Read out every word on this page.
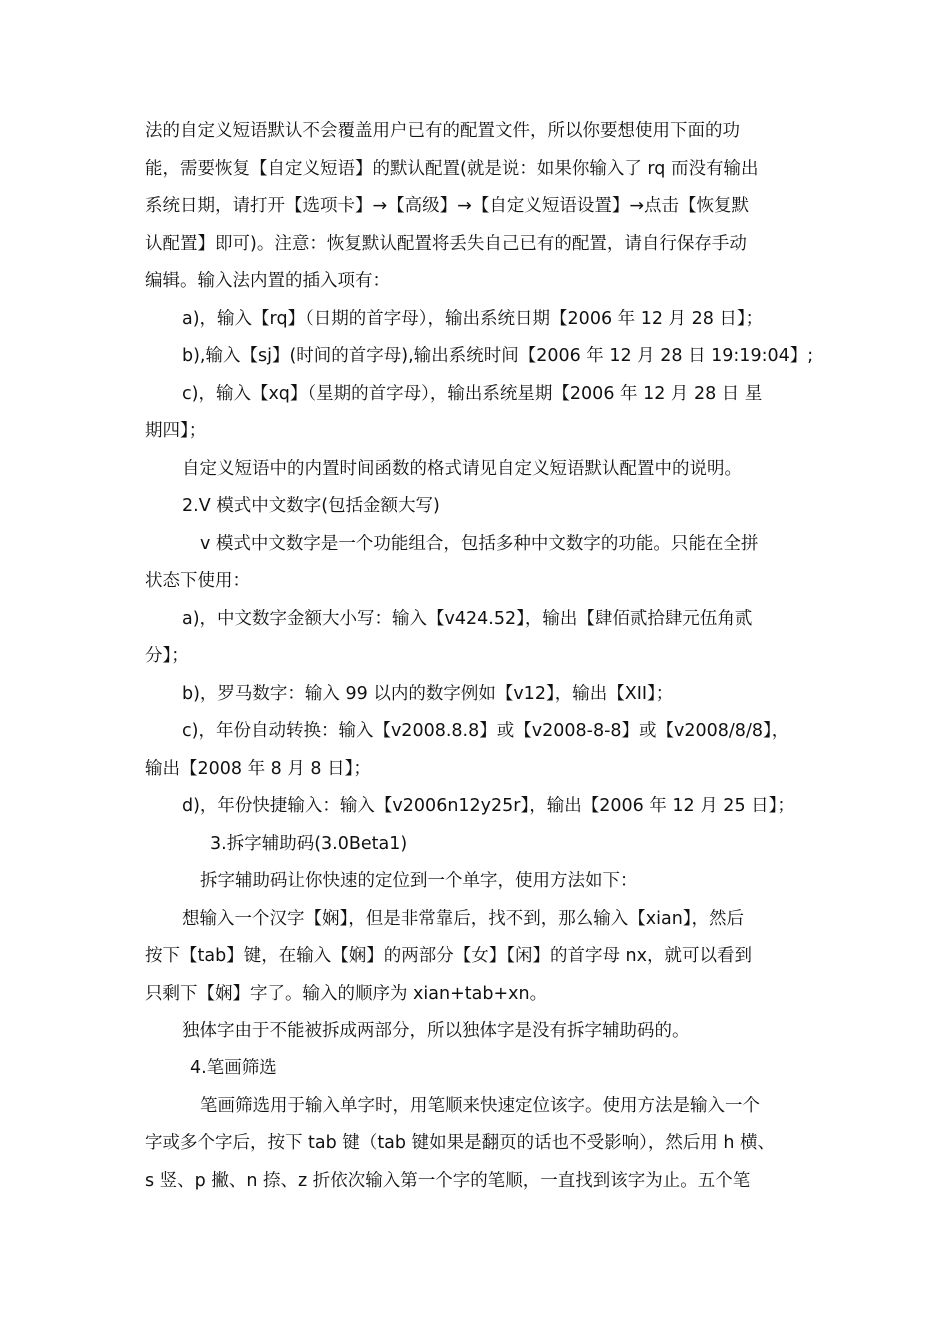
法的自定义短语默认不会覆盖用户已有的配置文件，所以你要想使用下面的功
能，需要恢复【自定义短语】的默认配置(就是说：如果你输入了 rq 而没有输出
系统日期，请打开【选项卡】→【高级】→【自定义短语设置】→点击【恢复默
认配置】即可)。注意：恢复默认配置将丢失自己已有的配置，请自行保存手动
编辑。输入法内置的插入项有：
a)，输入【rq】（日期的首字母），输出系统日期【2006 年 12 月 28 日】；
b),输入【sj】(时间的首字母),输出系统时间【2006 年 12 月 28 日 19:19:04】;
c)，输入【xq】（星期的首字母），输出系统星期【2006 年 12 月 28 日 星
期四】；
自定义短语中的内置时间函数的格式请见自定义短语默认配置中的说明。
2.V 模式中文数字(包括金额大写)
v 模式中文数字是一个功能组合，包括多种中文数字的功能。只能在全拼
状态下使用：
a)，中文数字金额大小写：输入【v424.52】，输出【肆佰贰拾肆元伍角贰
分】；
b)，罗马数字：输入 99 以内的数字例如【v12】，输出【XII】；
c)，年份自动转换：输入【v2008.8.8】或【v2008-8-8】或【v2008/8/8】，
输出【2008 年 8 月 8 日】；
d)，年份快捷输入：输入【v2006n12y25r】，输出【2006 年 12 月 25 日】；
3.拆字辅助码(3.0Beta1)
拆字辅助码让你快速的定位到一个单字，使用方法如下：
想输入一个汉字【娴】，但是非常靠后，找不到，那么输入【xian】，然后
按下【tab】键，在输入【娴】的两部分【女】【闲】的首字母 nx，就可以看到
只剩下【娴】字了。输入的顺序为 xian+tab+xn。
独体字由于不能被拆成两部分，所以独体字是没有拆字辅助码的。
4.笔画筛选
笔画筛选用于输入单字时，用笔顺来快速定位该字。使用方法是输入一个
字或多个字后，按下 tab 键（tab 键如果是翻页的话也不受影响），然后用 h 横、
s 竖、p 撇、n 捺、z 折依次输入第一个字的笔顺，一直找到该字为止。五个笔
